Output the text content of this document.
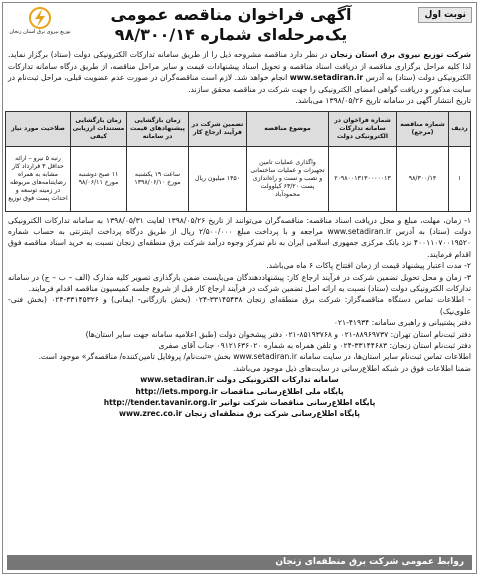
نوبت اول
آگهی فراخوان مناقصه عمومی
یک‌مرحله‌ای شماره ۹۸/۳۰۰/۱۴
توزیع نیروی برق استان زنجان
شرکت توزیع نیروی برق استان زنجان در نظر دارد مناقصه مشروحه ذیل را از طریق سامانه تدارکات الکترونیکی دولت (ستاد) برگزار نماید. لذا کلیه مراحل برگزاری مناقصه از دریافت اسناد مناقصه و تحویل اسناد پیشنهادات قیمت و سایر مراحل مناقصه، از طریق درگاه سامانه تدارکات الکترونیکی دولت (ستاد) به آدرس www.setadiran.ir انجام خواهد شد. لازم است مناقصه‌گران در صورت عدم عضویت قبلی، مراحل ثبت‌نام در سایت مذکور و دریافت گواهی امضای الکترونیکی را جهت شرکت در مناقصه محقق سازند.
تاریخ انتشار آگهی در سامانه تاریخ ۱۳۹۸/۰۵/۲۶ می‌باشد.
ردیف	شماره مناقصه (مرجع)	شماره فراخوان در سامانه تدارکات الکترونیکی دولت	موضوع مناقصه	تضمین شرکت در فرآیند ارجاع کار	زمان بازگشایی پیشنهادهای قیمت در سامانه	زمان بازگشایی مستندات ارزیابی کیفی	صلاحیت مورد نیاز
۱	۹۸/۳۰۰/۱۴	۲۰۹۸۰۰۱۳۱۳۰۰۰۰۰۱۳	واگذاری عملیات تامین تجهیزات و عملیات ساختمانی و نصب و تست و راه‌اندازی پست ۶۳/۲۰ کیلوولت محمودآباد	۱۴۵۰ میلیون ریال	ساعت ۱۹ یکشنبه مورخ ۱۳۹۸/۰۶/۱۰	۱۱ صبح دوشنبه مورخ ۹۸/۰۶/۱۱	رتبه ۵ نیرو – ارائه حداقل ۳ قرارداد کار مشابه به همراه رضایتنامه‌های مربوطه در زمینه توسعه و احداث پست فوق توزیع

۱- زمان، مهلت، مبلغ و محل دریافت اسناد مناقصه: مناقصه‌گران می‌توانند از تاریخ ۱۳۹۸/۰۵/۲۶ لغایت ۱۳۹۸/۰۵/۳۱ به سامانه تدارکات الکترونیکی دولت (ستاد) به آدرس www.setadiran.ir مراجعه و با پرداخت مبلغ ۲/۵۰۰/۰۰۰ ریال از طریق درگاه پرداخت اینترنتی به حساب شماره ۴۰۰۱۱۰۷۰۰۱۹۵۲۰ نزد بانک مرکزی جمهوری اسلامی ایران به نام تمرکز وجوه درآمد شرکت برق منطقه‌ای زنجان نسبت به خرید اسناد مناقصه فوق اقدام فرمایند.

۲- مدت اعتبار پیشنهاد قیمت از زمان افتتاح پاکات ۶ ماه می‌باشد.

۳- زمان و محل تحویل تضمین شرکت در فرآیند ارجاع کار: پیشنهاددهندگان می‌بایست ضمن بارگذاری تصویر کلیه مدارک (الف – ب – ج) در سامانه تدارکات الکترونیکی دولت (ستاد) نسبت به ارائه اصل تضمین شرکت در فرآیند ارجاع کار قبل از شروع جلسه کمیسیون مناقصه اقدام فرمایند.

- اطلاعات تماس دستگاه مناقصه‌گزار: شرکت برق منطقه‌ای زنجان ۳۳۱۴۵۴۳۸-۰۲۴ (بخش بازرگانی- ایمانی) و ۳۳۱۴۵۳۲۶-۰۲۴ (بخش فنی- علوی‌نیک)

دفتر پشتیبانی و راهبری سامانه: ۴۱۹۳۴-۰۲۱

دفتر ثبت‌نام استان تهران: ۸۸۹۶۹۷۳۷-۰۲۱ و ۸۵۱۹۳۷۶۸-۰۲۱ دفتر پیشخوان دولت (طبق اعلامیه سامانه جهت سایر استان‌ها)

دفتر ثبت‌نام استان زنجان: ۳۳۱۴۴۶۸۳-۰۲۴ و تلفن همراه به شماره ۰۹۱۲۱۶۳۶۰۲۰ جناب آقای صفری

اطلاعات تماس ثبت‌نام سایر استان‌ها، در سایت سامانه www.setadiran.ir بخش «ثبت‌نام/ پروفایل تامین‌کننده/ مناقصه‌گر» موجود است.

ضمنا اطلاعات فوق در شبکه اطلاع‌رسانی در سایت‌های ذیل موجود می‌باشد.

سامانه تدارکات الکترونیکی دولت www.setadiran.ir

پایگاه ملی اطلاع‌رسانی مناقصات http://iets.mporg.ir

پایگاه اطلاع‌رسانی مناقصات شرکت توانیر http://tender.tavanir.org.ir

پایگاه اطلاع‌رسانی شرکت برق منطقه‌ای زنجان www.zrec.co.ir

روابط عمومی شرکت برق منطقه‌ای زنجان
